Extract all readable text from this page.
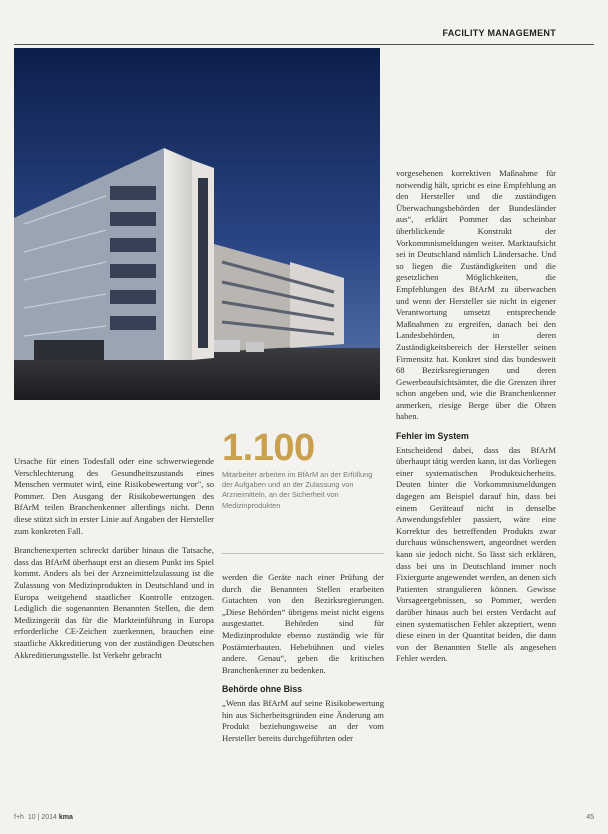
FACILITY MANAGEMENT
1.100
Mitarbeiter arbeiten im BfArM an der Erfüllung der Aufgaben und an der Zulassung von Arzneimitteln, an der Sicherheit von Medizinprodukten

Ursache für einen Todesfall oder eine schwerwiegende Verschlechterung des Gesundheitszustands eines Menschen vermutet wird, eine Risikobewertung vor", so Pommer. Den Ausgang der Risikobewertungen des BfArM teilen Branchenkenner allerdings nicht. Denn diese stützt sich in erster Linie auf Angaben der Hersteller zum konkreten Fall.

Branchenexperten schreckt darüber hinaus die Tatsache, dass das BfArM überhaupt erst an diesem Punkt ins Spiel kommt. Anders als bei der Arzneimittelzulassung ist die Zulassung von Medizinprodukten in Deutschland und in Europa weitgehend staatlicher Kontrolle entzogen. Lediglich die sogenannten Benannten Stellen, die dem Medizingerät das für die Markteinführung in Europa erforderliche CE-Zeichen zuerkennen, brauchen eine staatliche Akkreditierung von der zuständigen Deutschen Akkreditierungsstelle. Ist Verkehr gebracht

werden die Geräte nach einer Prüfung der durch die Benannten Stellen erarbeiten Gutachten von den Bezirksregierungen. „Diese Behörden“ übrigens meist nicht eigens ausgestattet. Behörden sind für Medizinprodukte ebenso zuständig wie für Postämterbauten. Hebebühnen und vieles andere. Genau“, geben die kritischen Branchenkenner zu bedenken.

Behörde ohne Biss

„Wenn das BfArM auf seine Risikobewertung hin aus Sicherheitsgründen eine Änderung am Produkt beziehungsweise an der vom Hersteller bereits durchgeführten oder

vorgesehenen korrektiven Maßnahme für notwendig hält, spricht es eine Empfehlung an den Hersteller und die zuständigen Überwachungsbehörden der Bundesländer aus“, erklärt Pommer das scheinbar überblickende Konstrukt der Vorkommnismeldungen weiter. Marktaufsicht sei in Deutschland nämlich Ländersache. Und so liegen die Zuständigkeiten und die gesetzlichen Möglichkeiten, die Empfehlungen des BfArM zu überwachen und wenn der Hersteller sie nicht in eigener Verantwortung umsetzt entsprechende Maßnahmen zu ergreifen, danach bei den Landesbehörden, in deren Zuständigkeitsbereich der Hersteller seinen Firmensitz hat. Konkret sind das bundesweit 68 Bezirksregierungen und deren Gewerbeaufsichtsämter, die die Grenzen ihrer schon angeben und, wie die Branchenkenner anmerken, riesige Berge über die Ohren haben.

Fehler im System

Entscheidend dabei, dass das BfArM überhaupt tätig werden kann, ist das Vorliegen einer systematischen Produktsicherheits. Deuten hinter die Vorkommnismeldungen dagegen am Beispiel darauf hin, dass bei einem Geräteauf nicht in denselbe Anwendungsfehler passiert, wäre eine Korrektur des betreffenden Produkts zwar durchaus wünschenswert, angeordnet werden kann sie jedoch nicht. So lässt sich erklären, dass bei uns in Deutschland immer noch Fixiergurte angewendet werden, an denen sich Patienten strangulieren können. Gewisse Vorsageergebnissen, so Pommer, werden darüber hinaus auch bei ersten Verdacht auf einen systematischen Fehler akzeptiert, wenn diese einen in der Quantitat beiden, die dann von der Benannten Stelle als angesehen Fehler werden.

f+h 10 | 2014 kma	45
